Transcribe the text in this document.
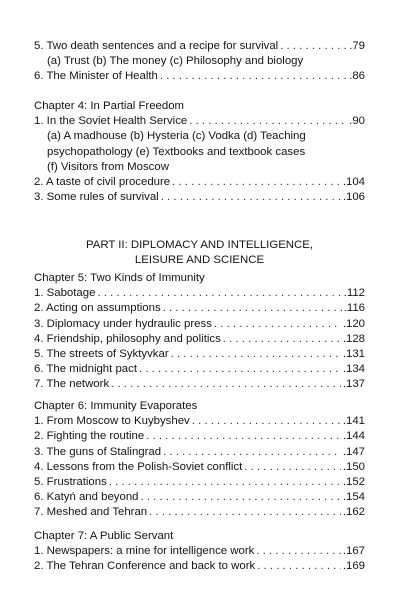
5. Two death sentences and a recipe for survival . . .	.79
(a) Trust (b) The money (c) Philosophy and biology
6. The Minister of Health . . .	.86
Chapter 4: In Partial Freedom
1. In the Soviet Health Service . . .	.90
(a) A madhouse (b) Hysteria (c) Vodka (d) Teaching
psychopathology (e) Textbooks and textbook cases
(f) Visitors from Moscow
2. A taste of civil procedure . . .	.104
3. Some rules of survival . . .	.106
PART II: DIPLOMACY AND INTELLIGENCE,
LEISURE AND SCIENCE
Chapter 5: Two Kinds of Immunity
1. Sabotage . . .	.112
2. Acting on assumptions . . .	.116
3. Diplomacy under hydraulic press . . .	.120
4. Friendship, philosophy and politics . . .	.128
5. The streets of Syktyvkar . . .	.131
6. The midnight pact . . .	.134
7. The network . . .	.137
Chapter 6: Immunity Evaporates
1. From Moscow to Kuybyshev . . .	.141
2. Fighting the routine . . .	.144
3. The guns of Stalingrad . . .	.147
4. Lessons from the Polish-Soviet conflict . . .	.150
5. Frustrations . . .	.152
6. Katyń and beyond . . .	.154
7. Meshed and Tehran . . .	.162
Chapter 7: A Public Servant
1. Newspapers: a mine for intelligence work . . .	.167
2. The Tehran Conference and back to work . . .	.169
